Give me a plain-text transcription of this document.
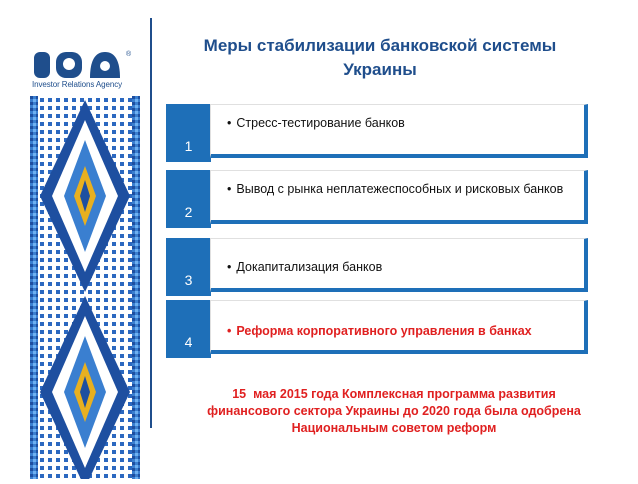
®
Investor Relations Agency
Меры стабилизации банковской системы
Украины
1
• Стресс-тестирование банков
2
• Вывод с рынка неплатежеспособных и рисковых банков
3
• Докапитализация банков
4
• Реформа корпоративного управления в банках
15  мая 2015 года Комплексная программа развития
финансового сектора Украины до 2020 года была одобрена
Национальным советом реформ
